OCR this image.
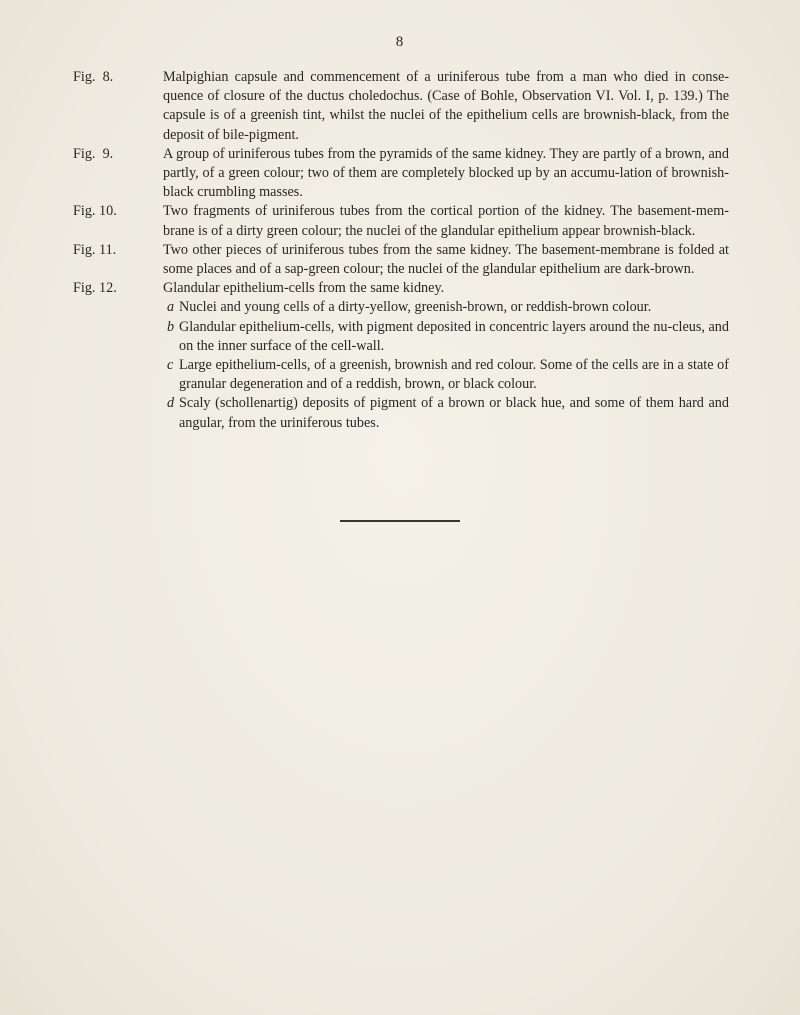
8
Fig.  8.	Malpighian capsule and commencement of a uriniferous tube from a man who died in conse-quence of closure of the ductus choledochus. (Case of Bohle, Observation VI. Vol. I, p. 139.) The capsule is of a greenish tint, whilst the nuclei of the epithelium cells are brownish-black, from the deposit of bile-pigment.
Fig.  9.	A group of uriniferous tubes from the pyramids of the same kidney. They are partly of a brown, and partly, of a green colour; two of them are completely blocked up by an accumu-lation of brownish-black crumbling masses.
Fig. 10.	Two fragments of uriniferous tubes from the cortical portion of the kidney. The basement-mem-brane is of a dirty green colour; the nuclei of the glandular epithelium appear brownish-black.
Fig. 11.	Two other pieces of uriniferous tubes from the same kidney. The basement-membrane is folded at some places and of a sap-green colour; the nuclei of the glandular epithelium are dark-brown.
Fig. 12.	Glandular epithelium-cells from the same kidney.
a Nuclei and young cells of a dirty-yellow, greenish-brown, or reddish-brown colour.
b Glandular epithelium-cells, with pigment deposited in concentric layers around the nu-cleus, and on the inner surface of the cell-wall.
c Large epithelium-cells, of a greenish, brownish and red colour. Some of the cells are in a state of granular degeneration and of a reddish, brown, or black colour.
d Scaly (schollenartig) deposits of pigment of a brown or black hue, and some of them hard and angular, from the uriniferous tubes.
